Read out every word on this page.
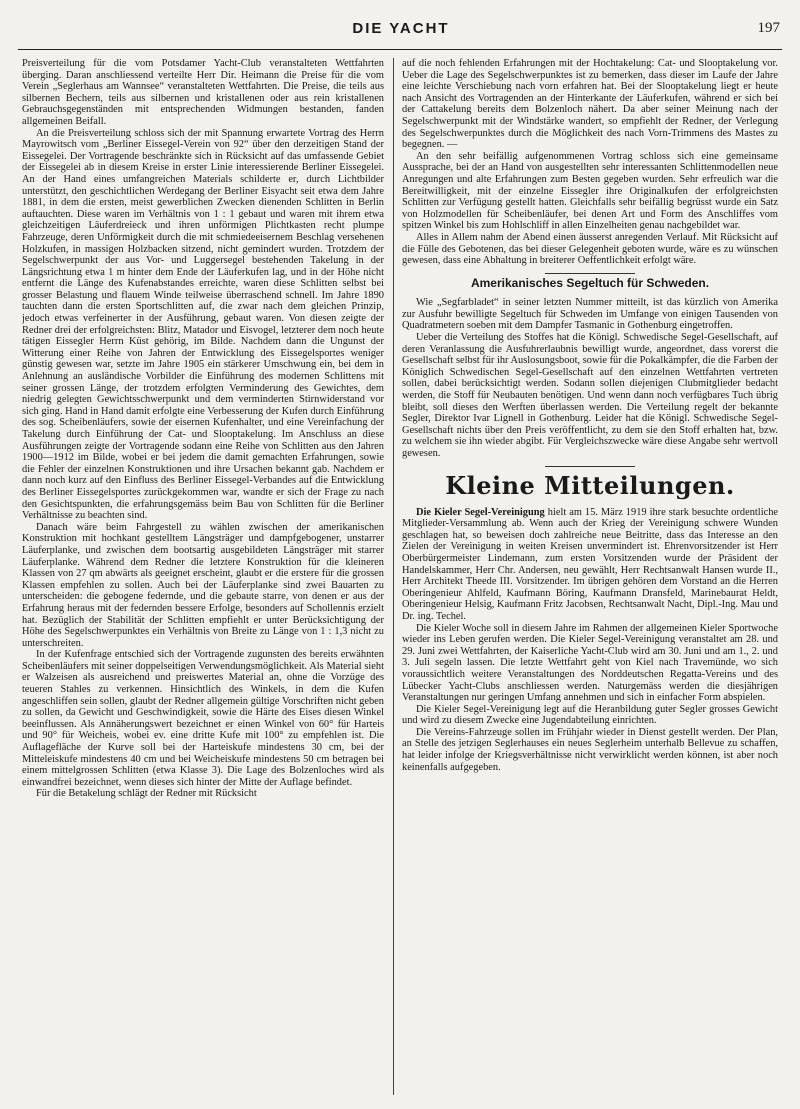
DIE YACHT	197

Preisverteilung für die vom Potsdamer Yacht-Club veranstalteten Wettfahrten überging. Daran anschliessend verteilte Herr Dir. Heimann die Preise für die vom Verein „Seglerhaus am Wannsee“ veranstalteten Wettfahrten. Die Preise, die teils aus silbernen Bechern, teils aus silbernen und kristallenen oder aus rein kristallenen Gebrauchsgegenständen mit entsprechenden Widmungen bestanden, fanden allgemeinen Beifall.

An die Preisverteilung schloss sich der mit Spannung erwartete Vortrag des Herrn Mayrowitsch vom „Berliner Eissegel-Verein von 92“ über den derzeitigen Stand der Eissegelei. Der Vortragende beschränkte sich in Rücksicht auf das umfassende Gebiet der Eissegelei ab in diesem Kreise in erster Linie interessierende Berliner Eissegelei. An der Hand eines umfangreichen Materials schilderte er, durch Lichtbilder unterstützt, den geschichtlichen Werdegang der Berliner Eisyacht seit etwa dem Jahre 1881, in dem die ersten, meist gewerblichen Zwecken dienenden Schlitten in Berlin auftauchten. Diese waren im Verhältnis von 1 : 1 gebaut und waren mit ihrem etwa gleichzeitigen Läuferdreieck und ihren unförmigen Plichtkasten recht plumpe Fahrzeuge, deren Unförmigkeit durch die mit schmiedeeisernem Beschlag versehenen Holzkufen, in massigen Holzbacken sitzend, nicht gemindert wurden. Trotzdem der Segelschwerpunkt der aus Vor- und Luggersegel bestehenden Takelung in der Längsrichtung etwa 1 m hinter dem Ende der Läuferkufen lag, und in der Höhe nicht entfernt die Länge des Kufenabstandes erreichte, waren diese Schlitten selbst bei grosser Belastung und flauem Winde teilweise überraschend schnell. Im Jahre 1890 tauchten dann die ersten Sportschlitten auf, die zwar nach dem gleichen Prinzip, jedoch etwas verfeinerter in der Ausführung, gebaut waren. Von diesen zeigte der Redner drei der erfolgreichsten: Blitz, Matador und Eisvogel, letzterer dem noch heute tätigen Eissegler Herrn Küst gehörig, im Bilde. Nachdem dann die Ungunst der Witterung einer Reihe von Jahren der Entwicklung des Eissegelsportes weniger günstig gewesen war, setzte im Jahre 1905 ein stärkerer Umschwung ein, bei dem in Anlehnung an ausländische Vorbilder die Einführung des modernen Schlittens mit seiner grossen Länge, der trotzdem erfolgten Verminderung des Gewichtes, dem niedrig gelegten Gewichtsschwerpunkt und dem verminderten Stirnwiderstand vor sich ging. Hand in Hand damit erfolgte eine Verbesserung der Kufen durch Einführung des sog. Scheibenläufers, sowie der eisernen Kufenhalter, und eine Vereinfachung der Takelung durch Einführung der Cat- und Slooptakelung. Im Anschluss an diese Ausführungen zeigte der Vortragende sodann eine Reihe von Schlitten aus den Jahren 1900—1912 im Bilde, wobei er bei jedem die damit gemachten Erfahrungen, sowie die Fehler der einzelnen Konstruktionen und ihre Ursachen bekannt gab. Nachdem er dann noch kurz auf den Einfluss des Berliner Eissegel-Verbandes auf die Entwicklung des Berliner Eissegelsportes zurückgekommen war, wandte er sich der Frage zu nach den Gesichtspunkten, die erfahrungsgemäss beim Bau von Schlitten für die Berliner Verhältnisse zu beachten sind.

Danach wäre beim Fahrgestell zu wählen zwischen der amerikanischen Konstruktion mit hochkant gestelltem Längsträger und dampfgebogener, unstarrer Läuferplanke, und zwischen dem bootsartig ausgebildeten Längsträger mit starrer Läuferplanke. Während dem Redner die letztere Konstruktion für die kleineren Klassen von 27 qm abwärts als geeignet erscheint, glaubt er die erstere für die grossen Klassen empfehlen zu sollen. Auch bei der Läuferplanke sind zwei Bauarten zu unterscheiden: die gebogene federnde, und die gebaute starre, von denen er aus der Erfahrung heraus mit der federnden bessere Erfolge, besonders auf Schollennis erzielt hat. Bezüglich der Stabilität der Schlitten empfiehlt er unter Berücksichtigung der Höhe des Segelschwerpunktes ein Verhältnis von Breite zu Länge von 1 : 1,3 nicht zu unterschreiten.

In der Kufenfrage entschied sich der Vortragende zugunsten des bereits erwähnten Scheibenläufers mit seiner doppelseitigen Verwendungsmöglichkeit. Als Material sieht er Walzeisen als ausreichend und preiswertes Material an, ohne die Vorzüge des teueren Stahles zu verkennen. Hinsichtlich des Winkels, in dem die Kufen angeschliffen sein sollen, glaubt der Redner allgemein gültige Vorschriften nicht geben zu sollen, da Gewicht und Geschwindigkeit, sowie die Härte des Eises diesen Winkel beeinflussen. Als Annäherungswert bezeichnet er einen Winkel von 60° für Harteis und 90° für Weicheis, wobei ev. eine dritte Kufe mit 100° zu empfehlen ist. Die Auflagefläche der Kurve soll bei der Harteiskufe mindestens 30 cm, bei der Mitteleiskufe mindestens 40 cm und bei Weicheiskufe mindestens 50 cm betragen bei einem mittelgrossen Schlitten (etwa Klasse 3). Die Lage des Bolzenloches wird als einwandfrei bezeichnet, wenn dieses sich hinter der Mitte der Auflage befindet.

Für die Betakelung schlägt der Redner mit Rücksicht

auf die noch fehlenden Erfahrungen mit der Hochtakelung: Cat- und Slooptakelung vor. Ueber die Lage des Segelschwerpunktes ist zu bemerken, dass dieser im Laufe der Jahre eine leichte Verschiebung nach vorn erfahren hat. Bei der Slooptakelung liegt er heute nach Ansicht des Vortragenden an der Hinterkante der Läuferkufen, während er sich bei der Cattakelung bereits dem Bolzenloch nähert. Da aber seiner Meinung nach der Segelschwerpunkt mit der Windstärke wandert, so empfiehlt der Redner, der Verlegung des Segelschwerpunktes durch die Möglichkeit des nach Vorn-Trimmens des Mastes zu begegnen. —

An den sehr beifällig aufgenommenen Vortrag schloss sich eine gemeinsame Aussprache, bei der an Hand von ausgestellten sehr interessanten Schlittenmodellen neue Anregungen und alte Erfahrungen zum Besten gegeben wurden. Sehr erfreulich war die Bereitwilligkeit, mit der einzelne Eissegler ihre Originalkufen der erfolgreichsten Schlitten zur Verfügung gestellt hatten. Gleichfalls sehr beifällig begrüsst wurde ein Satz von Holzmodellen für Scheibenläufer, bei denen Art und Form des Anschliffes vom spitzen Winkel bis zum Hohlschliff in allen Einzelheiten genau nachgebildet war.

Alles in Allem nahm der Abend einen äusserst anregenden Verlauf. Mit Rücksicht auf die Fülle des Gebotenen, das bei dieser Gelegenheit geboten wurde, wäre es zu wünschen gewesen, dass eine Abhaltung in breiterer Oeffentlichkeit erfolgt wäre.

Amerikanisches Segeltuch für Schweden.

Wie „Segfarbladet“ in seiner letzten Nummer mitteilt, ist das kürzlich von Amerika zur Ausfuhr bewilligte Segeltuch für Schweden im Umfange von einigen Tausenden von Quadratmetern soeben mit dem Dampfer Tasmanic in Gothenburg eingetroffen.

Ueber die Verteilung des Stoffes hat die Königl. Schwedische Segel-Gesellschaft, auf deren Veranlassung die Ausfuhrerlaubnis bewilligt wurde, angeordnet, dass vorerst die Gesellschaft selbst für ihr Auslosungsboot, sowie für die Pokalkämpfer, die die Farben der Königlich Schwedischen Segel-Gesellschaft auf den einzelnen Wettfahrten vertreten sollen, dabei berücksichtigt werden. Sodann sollen diejenigen Clubmitglieder bedacht werden, die Stoff für Neubauten benötigen. Und wenn dann noch verfügbares Tuch übrig bleibt, soll dieses den Werften überlassen werden. Die Verteilung regelt der bekannte Segler, Direktor Ivar Lignell in Gothenburg. Leider hat die Königl. Schwedische Segel-Gesellschaft nichts über den Preis veröffentlicht, zu dem sie den Stoff erhalten hat, bzw. zu welchem sie ihn wieder abgibt. Für Vergleichszwecke wäre diese Angabe sehr wertvoll gewesen.

Kleine Mitteilungen.

Die Kieler Segel-Vereinigung hielt am 15. März 1919 ihre stark besuchte ordentliche Mitglieder-Versammlung ab. Wenn auch der Krieg der Vereinigung schwere Wunden geschlagen hat, so beweisen doch zahlreiche neue Beitritte, dass das Interesse an den Zielen der Vereinigung in weiten Kreisen unvermindert ist. Ehrenvorsitzender ist Herr Oberbürgermeister Lindemann, zum ersten Vorsitzenden wurde der Präsident der Handelskammer, Herr Chr. Andersen, neu gewählt, Herr Rechtsanwalt Hansen wurde II., Herr Architekt Theede III. Vorsitzender. Im übrigen gehören dem Vorstand an die Herren Oberingenieur Ahlfeld, Kaufmann Böring, Kaufmann Dransfeld, Marinebaurat Heldt, Oberingenieur Helsig, Kaufmann Fritz Jacobsen, Rechtsanwalt Nacht, Dipl.-Ing. Mau und Dr. ing. Techel.

Die Kieler Woche soll in diesem Jahre im Rahmen der allgemeinen Kieler Sportwoche wieder ins Leben gerufen werden. Die Kieler Segel-Vereinigung veranstaltet am 28. und 29. Juni zwei Wettfahrten, der Kaiserliche Yacht-Club wird am 30. Juni und am 1., 2. und 3. Juli segeln lassen. Die letzte Wettfahrt geht von Kiel nach Travemünde, wo sich voraussichtlich weitere Veranstaltungen des Norddeutschen Regatta-Vereins und des Lübecker Yacht-Clubs anschliessen werden. Naturgemäss werden die diesjährigen Veranstaltungen nur geringen Umfang annehmen und sich in einfacher Form abspielen.

Die Kieler Segel-Vereinigung legt auf die Heranbildung guter Segler grosses Gewicht und wird zu diesem Zwecke eine Jugendabteilung einrichten.

Die Vereins-Fahrzeuge sollen im Frühjahr wieder in Dienst gestellt werden. Der Plan, an Stelle des jetzigen Seglerhauses ein neues Seglerheim unterhalb Bellevue zu schaffen, hat leider infolge der Kriegsverhältnisse nicht verwirklicht werden können, ist aber noch keinenfalls aufgegeben.
